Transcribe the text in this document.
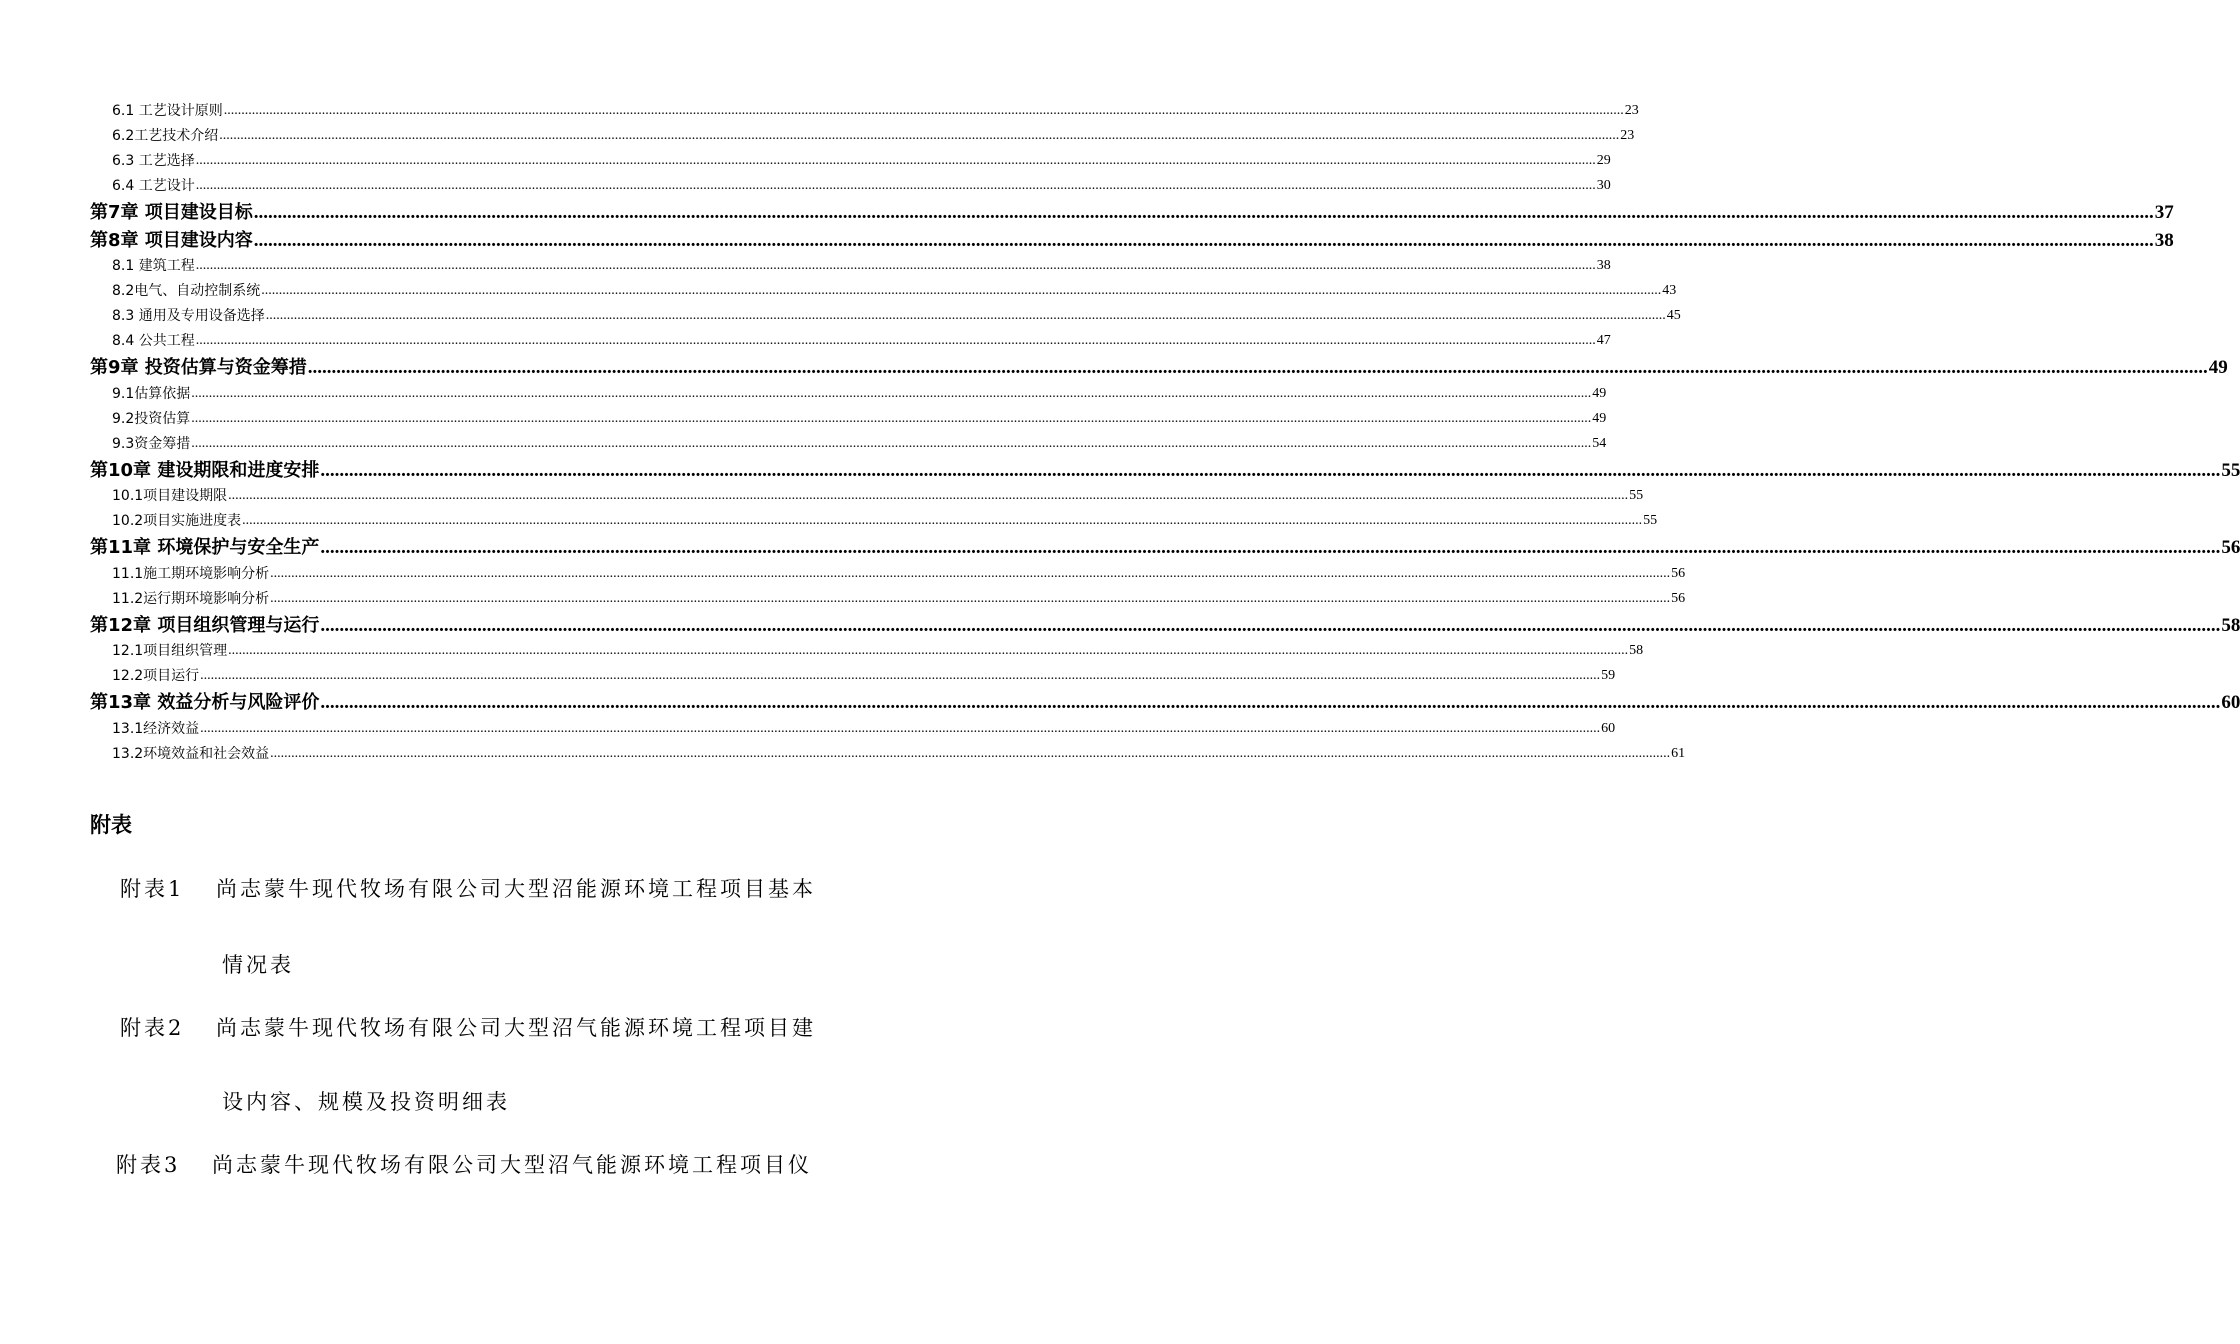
6.1 工艺设计原则 ................................................................................................................................................................................................................................................................................................................................................................................................................ 23
6.2工艺技术介绍 ................................................................................................................................................................................................................................................................................................................................................................................................................ 23
6.3 工艺选择 ................................................................................................................................................................................................................................................................................................................................................................................................................ 29
6.4 工艺设计 ................................................................................................................................................................................................................................................................................................................................................................................................................ 30
第7章 项目建设目标 ................................................................................................................................................................................................................................................................................................................................................................................................................ 37
第8章 项目建设内容 ................................................................................................................................................................................................................................................................................................................................................................................................................ 38
8.1 建筑工程 ................................................................................................................................................................................................................................................................................................................................................................................................................ 38
8.2电气、自动控制系统 ................................................................................................................................................................................................................................................................................................................................................................................................................ 43
8.3 通用及专用设备选择 ................................................................................................................................................................................................................................................................................................................................................................................................................ 45
8.4 公共工程 ................................................................................................................................................................................................................................................................................................................................................................................................................ 47
第9章 投资估算与资金筹措 ................................................................................................................................................................................................................................................................................................................................................................................................................ 49
9.1估算依据 ................................................................................................................................................................................................................................................................................................................................................................................................................ 49
9.2投资估算 ................................................................................................................................................................................................................................................................................................................................................................................................................ 49
9.3资金筹措 ................................................................................................................................................................................................................................................................................................................................................................................................................ 54
第10章 建设期限和进度安排 ................................................................................................................................................................................................................................................................................................................................................................................................................ 55
10.1项目建设期限 ................................................................................................................................................................................................................................................................................................................................................................................................................ 55
10.2项目实施进度表 ................................................................................................................................................................................................................................................................................................................................................................................................................ 55
第11章 环境保护与安全生产 ................................................................................................................................................................................................................................................................................................................................................................................................................ 56
11.1施工期环境影响分析 ................................................................................................................................................................................................................................................................................................................................................................................................................ 56
11.2运行期环境影响分析 ................................................................................................................................................................................................................................................................................................................................................................................................................ 56
第12章 项目组织管理与运行 ................................................................................................................................................................................................................................................................................................................................................................................................................ 58
12.1项目组织管理 ................................................................................................................................................................................................................................................................................................................................................................................................................ 58
12.2项目运行 ................................................................................................................................................................................................................................................................................................................................................................................................................ 59
第13章 效益分析与风险评价 ................................................................................................................................................................................................................................................................................................................................................................................................................ 60
13.1经济效益 ................................................................................................................................................................................................................................................................................................................................................................................................................ 60
13.2环境效益和社会效益 ................................................................................................................................................................................................................................................................................................................................................................................................................ 61
附表
附表1 尚志蒙牛现代牧场有限公司大型沼能源环境工程项目基本
情况表
附表2 尚志蒙牛现代牧场有限公司大型沼气能源环境工程项目建
设内容、规模及投资明细表
附表3 尚志蒙牛现代牧场有限公司大型沼气能源环境工程项目仪
